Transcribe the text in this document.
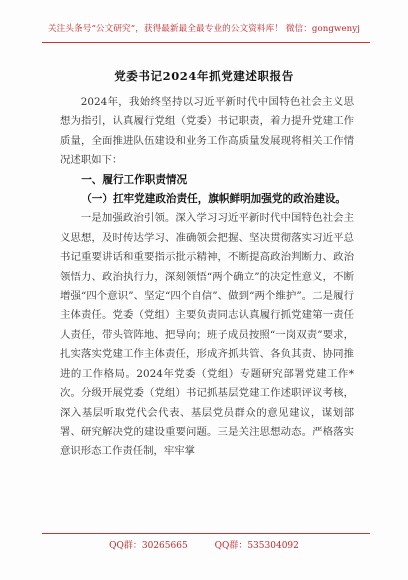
关注头条号“公文研究”，获得最新最全最专业的公文资料库！ 微信：gongwenyj
党委书记2024年抓党建述职报告

2024年，我始终坚持以习近平新时代中国特色社会主义思想为指引，认真履行党组（党委）书记职责，着力提升党建工作质量，全面推进队伍建设和业务工作高质量发展现将相关工作情况述职如下：

一、履行工作职责情况
（一）扛牢党建政治责任，旗帜鲜明加强党的政治建设。

一是加强政治引领。深入学习习近平新时代中国特色社会主义思想，及时传达学习、准确领会把握、坚决贯彻落实习近平总书记重要讲话和重要指示批示精神，不断提高政治判断力、政治领悟力、政治执行力，深刻领悟“两个确立”的决定性意义，不断增强“四个意识”、坚定“四个自信”、做到“两个维护”。二是履行主体责任。党委（党组）主要负责同志认真履行抓党建第一责任人责任，带头管阵地、把导向；班子成员按照“一岗双责”要求，扎实落实党建工作主体责任，形成齐抓共管、各负其责、协同推进的工作格局。2024年党委（党组）专题研究部署党建工作*次。分级开展党委（党组）书记抓基层党建工作述职评议考核，深入基层听取党代会代表、基层党员群众的意见建议，谋划部署、研究解决党的建设重要问题。三是关注思想动态。严格落实意识形态工作责任制，牢牢掌

QQ群：30265665	QQ群：535304092
